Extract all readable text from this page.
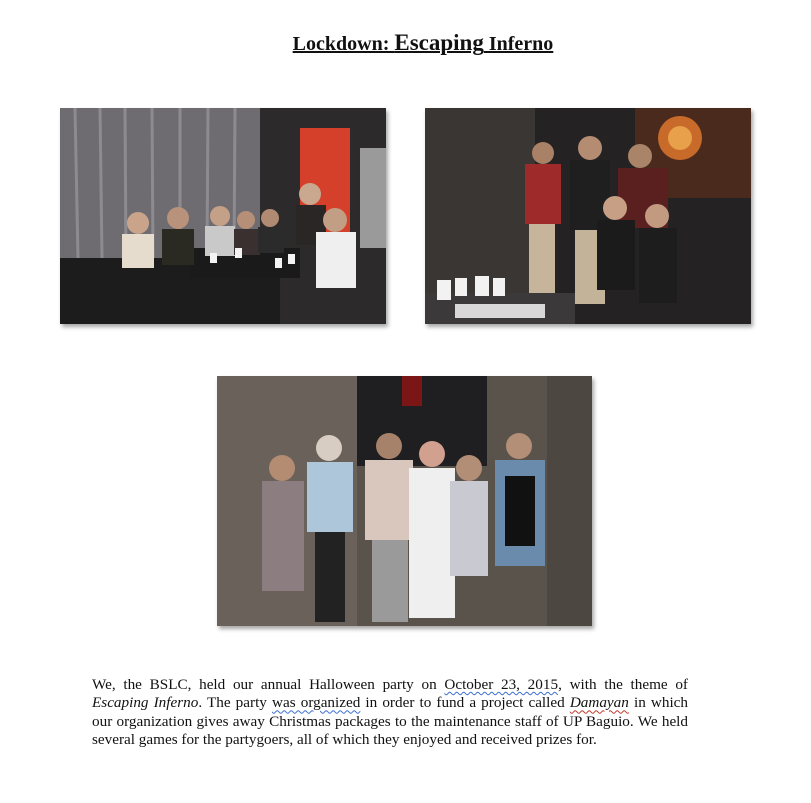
Lockdown: Escaping Inferno
We, the BSLC, held our annual Halloween party on October 23, 2015, with the theme of Escaping Inferno. The party was organized in order to fund a project called Damayan in which our organization gives away Christmas packages to the maintenance staff of UP Baguio. We held several games for the partygoers, all of which they enjoyed and received prizes for.
